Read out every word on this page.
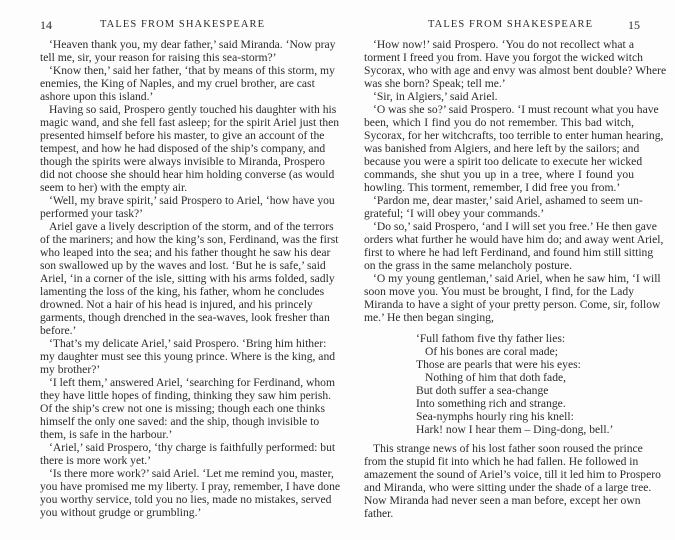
14	TALES FROM SHAKESPEARE
‘Heaven thank you, my dear father,’ said Miranda. ‘Now pray
tell me, sir, your reason for raising this sea-storm?’
‘Know then,’ said her father, ‘that by means of this storm, my
enemies, the King of Naples, and my cruel brother, are cast
ashore upon this island.’
Having so said, Prospero gently touched his daughter with his
magic wand, and she fell fast asleep; for the spirit Ariel just then
presented himself before his master, to give an account of the
tempest, and how he had disposed of the ship’s company, and
though the spirits were always invisible to Miranda, Prospero
did not choose she should hear him holding converse (as would
seem to her) with the empty air.
‘Well, my brave spirit,’ said Prospero to Ariel, ‘how have you
performed your task?’
Ariel gave a lively description of the storm, and of the terrors
of the mariners; and how the king’s son, Ferdinand, was the first
who leaped into the sea; and his father thought he saw his dear
son swallowed up by the waves and lost. ‘But he is safe,’ said
Ariel, ‘in a corner of the isle, sitting with his arms folded, sadly
lamenting the loss of the king, his father, whom he concludes
drowned. Not a hair of his head is injured, and his princely
garments, though drenched in the sea-waves, look fresher than
before.’
‘That’s my delicate Ariel,’ said Prospero. ‘Bring him hither:
my daughter must see this young prince. Where is the king, and
my brother?’
‘I left them,’ answered Ariel, ‘searching for Ferdinand, whom
they have little hopes of finding, thinking they saw him perish.
Of the ship’s crew not one is missing; though each one thinks
himself the only one saved: and the ship, though invisible to
them, is safe in the harbour.’
‘Ariel,’ said Prospero, ‘thy charge is faithfully performed: but
there is more work yet.’
‘Is there more work?’ said Ariel. ‘Let me remind you, master,
you have promised me my liberty. I pray, remember, I have done
you worthy service, told you no lies, made no mistakes, served
you without grudge or grumbling.’
TALES FROM SHAKESPEARE	15
‘How now!’ said Prospero. ‘You do not recollect what a
torment I freed you from. Have you forgot the wicked witch
Sycorax, who with age and envy was almost bent double? Where
was she born? Speak; tell me.’
‘Sir, in Algiers,’ said Ariel.
‘O was she so?’ said Prospero. ‘I must recount what you have
been, which I find you do not remember. This bad witch,
Sycorax, for her witchcrafts, too terrible to enter human hearing,
was banished from Algiers, and here left by the sailors; and
because you were a spirit too delicate to execute her wicked
commands, she shut you up in a tree, where I found you
howling. This torment, remember, I did free you from.’
‘Pardon me, dear master,’ said Ariel, ashamed to seem un-
grateful; ‘I will obey your commands.’
‘Do so,’ said Prospero, ‘and I will set you free.’ He then gave
orders what further he would have him do; and away went Ariel,
first to where he had left Ferdinand, and found him still sitting
on the grass in the same melancholy posture.
‘O my young gentleman,’ said Ariel, when he saw him, ‘I will
soon move you. You must be brought, I find, for the Lady
Miranda to have a sight of your pretty person. Come, sir, follow
me.’ He then began singing,
‘Full fathom five thy father lies:
Of his bones are coral made;
Those are pearls that were his eyes:
Nothing of him that doth fade,
But doth suffer a sea-change
Into something rich and strange.
Sea-nymphs hourly ring his knell:
Hark! now I hear them – Ding-dong, bell.’
This strange news of his lost father soon roused the prince
from the stupid fit into which he had fallen. He followed in
amazement the sound of Ariel’s voice, till it led him to Prospero
and Miranda, who were sitting under the shade of a large tree.
Now Miranda had never seen a man before, except her own
father.
